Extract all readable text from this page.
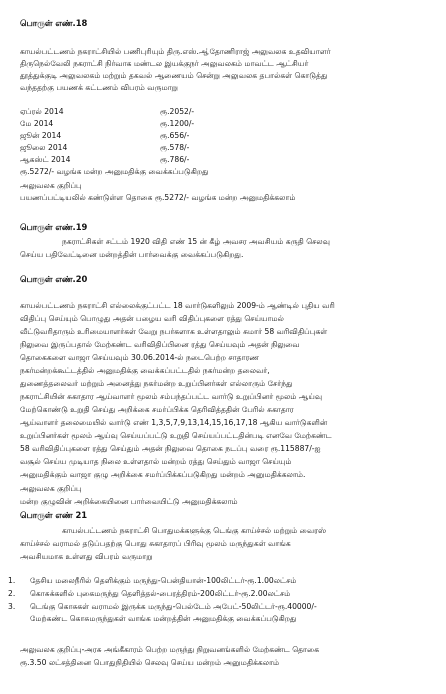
பொருள் எண்.18
காயல்பட்டணம் நகராட்சியில் பணிபுரியும் திரு.எஸ்.ஆ்தோணிராஜ் அலுவலக உதவியாளர்
திருநெல்வேலி நகராட்சி நிர்வாக மண்டல இயக்குநர் அலுவலகம் மாவட்ட ஆட்சியர்
தூத்துக்குடி அலுவலகம் மற்றும் தகவல் ஆணையம் சென்று அலுவலக தபால்கள் கொடுத்து
வந்ததற்கு பயணக் கட்டணம் விபரம் வருமாறு
ஏப்ரல் 2014	ரூ.2052/-
மே 2014	ரூ.1200/-
ஜூன் 2014	ரூ.656/-
ஜூலை 2014	ரூ.578/-
ஆகஸ்ட் 2014	ரூ.786/-
ரூ.5272/- வழங்க மன்ற அனுமதிக்கு வைக்கப்படுகிறது
அலுவலக குறிப்பு
பயணப்பட்டியலில் கண்டுள்ள தொகை ரூ.5272/- வழங்க மன்ற அனுமதிக்கலாம்
பொருள் எண்.19
நகராட்சிகள் சட்டம் 1920 விதி எண் 15 ன் கீழ் அவசர அவசியம் கருதி செலவு
செய்ய பதிவேட்டினை மன்றத்தின் பார்வைக்கு வைக்கப்படுகிறது.
பொருள் எண்.20
காயல்பட்டணம் நகராட்சி எல்லைக்குட்பட்ட 18 வார்டுகளிலும் 2009-ம் ஆண்டில் புதிய வரி
விதிப்பு செய்யும் பொழுது அதன் பழைய வரி விதிப்புகளை ரத்து செய்யாமல்
வீட்டுவரிதாரும் உரிமையாளர்கள் வேறு நபர்களாக உள்ளதாலும் சுமார் 58 வரிவிதிப்புகள்
நிலுவை இருப்பதால் மேற்கண்ட வரிவிதிப்பினை ரத்து செய்யவும் அதன் நிலுவை
தொகைகளை வாஜா செய்யவும் 30.06.2014-ல் நடைபெற்ற சாதாரண
நகர்மன்றக்கூட்டத்தில் அனுமதிக்கு வைக்கப்பட்டதில் நகர்மன்ற தலைவர்,
துணைத்தலைவர் மற்றும் அனைத்து நகர்மன்ற உறுப்பினர்கள் எல்லாரும் சேர்ந்து
நகராட்சியின் சுகாதார ஆய்வாளர் மூலம் சம்பந்தப்பட்ட வார்டு உறுப்பினர் மூலம் ஆய்வு
மேற்கொண்டு உறுதி செய்து அறிக்கை சமர்ப்பிக்க தெரிவித்ததின் பேரில் சுகாதார
ஆய்வாளர் தலைமையில் வார்டு எண் 1,3,5,7,9,13,14,15,16,17,18 ஆகிய வார்டுகளின்
உறுப்பினர்கள் மூலம் ஆய்வு செய்யப்பட்டு உறுதி செய்யப்பட்டதின்படி எனவே மேற்கண்ட
58 வரிவிதிப்புகளை ரத்து செய்தும் அதன் நிலுவை தொகை நடப்பு வரை ரூ.115887/-ஐ
வசூல் செய்ய முடியாத நிலை உள்ளதால் மன்றம் ரத்து செய்தும் வாஜா செய்யும்
அனுமதிக்கும் வாஜா குழு அறிக்கை சமர்ப்பிக்கப்படுகிறது மன்றம் அனுமதிக்கலாம்.
அலுவலக குறிப்பு
மன்ற குழுவின் அறிக்கையினை பார்வையிட்டு அனுமதிக்கலாம்
பொருள் எண் 21
காயல்பட்டணம் நகராட்சி பொதுமக்களுக்கு டெங்கு காய்ச்சல் மற்றும் வைரஸ்
காய்ச்சல் வராமல் தடுப்பதற்கு பொது சுகாதாரப் பிரிவு மூலம் மருந்துகள் வாங்க
அவசியமாக உள்ளது விபரம் வருமாறு
1. தேசிய மலைநீரில் தெளிக்கும் மருந்து-பென்தியான்-100லிட்டர்-ரூ.1.00லட்சம்
2. கொசுக்களில் புகைமருந்து தெளித்தல்-பைரத்திரம்-200லிட்டர்-ரூ.2.00லட்சம்
3. டெங்கு கொசுகள் வராமல் இருக்க மருந்து-பெல்டேம் அபேட்-50லிட்டர்-ரூ.40000/-
மேற்கண்ட கொசுமருந்துகள் வாங்க மன்றத்தின் அனுமதிக்கு வைக்கப்படுகிறது
அலுவலக குறிப்பு-அரசு அங்கீகாரம் பெற்ற மருந்து நிறுவனங்களில் மேற்கண்ட தொகை
ரூ.3.50 லட்சத்தினை பொதுநிதியில் செலவு செய்ய மன்றம் அனுமதிக்கலாம்
